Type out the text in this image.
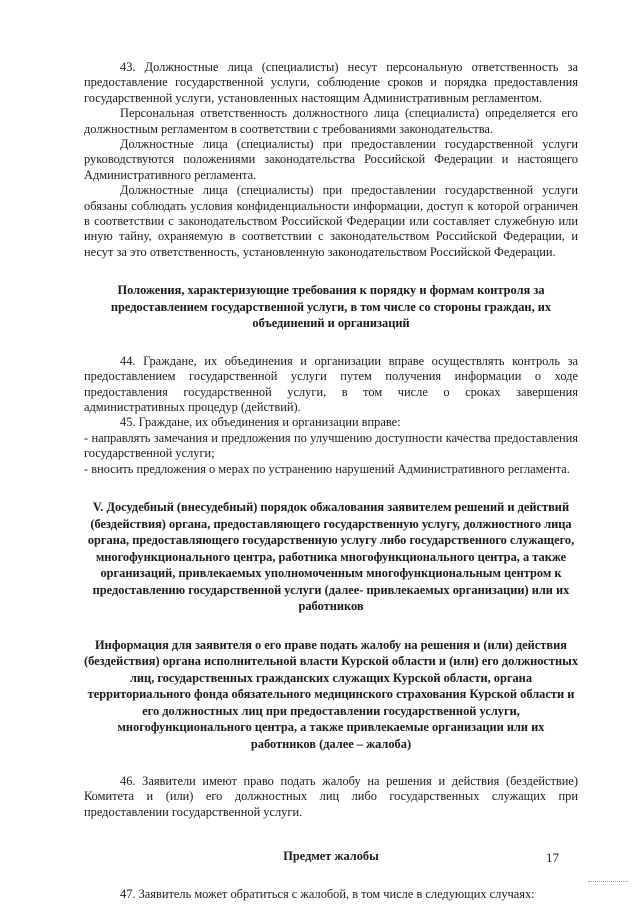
43. Должностные лица (специалисты) несут персональную ответственность за предоставление государственной услуги, соблюдение сроков и порядка предоставления государственной услуги, установленных настоящим Административным регламентом.

Персональная ответственность должностного лица (специалиста) определяется его должностным регламентом в соответствии с требованиями законодательства.

Должностные лица (специалисты) при предоставлении государственной услуги руководствуются положениями законодательства Российской Федерации и настоящего Административного регламента.

Должностные лица (специалисты) при предоставлении государственной услуги обязаны соблюдать условия конфиденциальности информации, доступ к которой ограничен в соответствии с законодательством Российской Федерации или составляет служебную или иную тайну, охраняемую в соответствии с законодательством Российской Федерации, и несут за это ответственность, установленную законодательством Российской Федерации.

Положения, характеризующие требования к порядку и формам контроля за предоставлением государственной услуги, в том числе со стороны граждан, их объединений и организаций

44. Граждане, их объединения и организации вправе осуществлять контроль за предоставлением государственной услуги путем получения информации о ходе предоставления государственной услуги, в том числе о сроках завершения административных процедур (действий).

45. Граждане, их объединения и организации вправе:

- направлять замечания и предложения по улучшению доступности качества предоставления государственной услуги;

- вносить предложения о мерах по устранению нарушений Административного регламента.

V. Досудебный (внесудебный) порядок обжалования заявителем решений и действий (бездействия) органа, предоставляющего государственную услугу, должностного лица органа, предоставляющего государственную услугу либо государственного служащего, многофункционального центра, работника многофункционального центра, а также организаций, привлекаемых уполномоченным многофункциональным центром к предоставлению государственной услуги (далее- привлекаемых организации) или их работников
Информация для заявителя о его праве подать жалобу на решения и (или) действия (бездействия) органа исполнительной власти Курской области и (или) его должностных лиц, государственных гражданских служащих Курской области, органа территориального фонда обязательного медицинского страхования Курской области и его должностных лиц при предоставлении государственной услуги, многофункционального центра, а также привлекаемые организации или их работников (далее – жалоба)

46. Заявители имеют право подать жалобу на решения и действия (бездействие) Комитета и (или) его должностных лиц либо государственных служащих при предоставлении государственной услуги.

Предмет жалобы

47. Заявитель может обратиться с жалобой, в том числе в следующих случаях:

17
